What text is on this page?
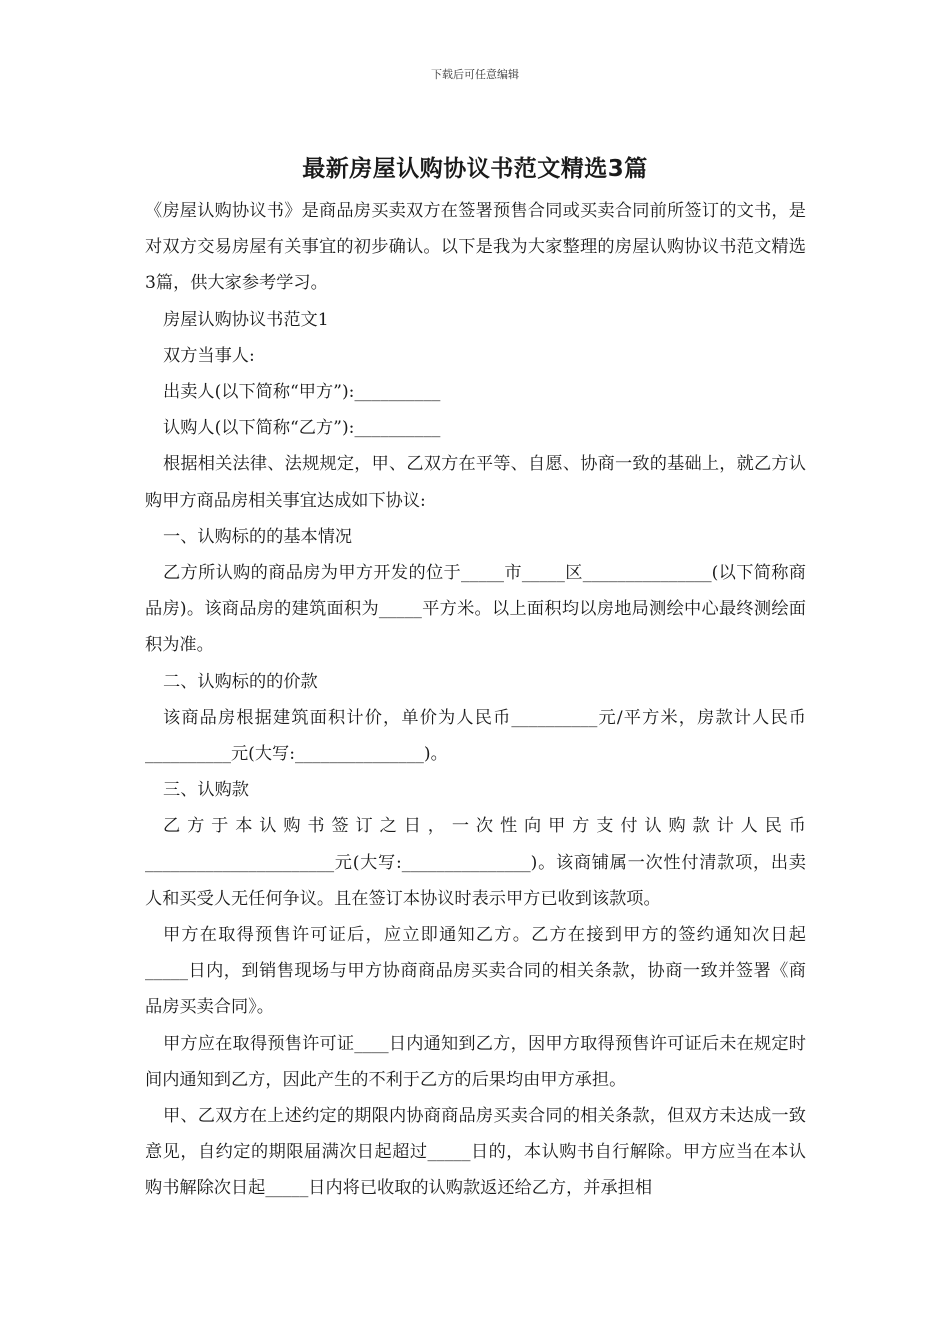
下载后可任意编辑
最新房屋认购协议书范文精选3篇

《房屋认购协议书》是商品房买卖双方在签署预售合同或买卖合同前所签订的文书，是对双方交易房屋有关事宜的初步确认。以下是我为大家整理的房屋认购协议书范文精选3篇，供大家参考学习。

房屋认购协议书范文1

双方当事人:

出卖人(以下简称“甲方”):__________

认购人(以下简称“乙方”):__________

根据相关法律、法规规定，甲、乙双方在平等、自愿、协商一致的基础上，就乙方认购甲方商品房相关事宜达成如下协议:

一、认购标的的基本情况

乙方所认购的商品房为甲方开发的位于_____市_____区_______________(以下简称商品房)。该商品房的建筑面积为_____平方米。以上面积均以房地局测绘中心最终测绘面积为准。

二、认购标的的价款

该商品房根据建筑面积计价，单价为人民币__________元/平方米，房款计人民币__________元(大写:_______________)。

三、认购款

乙方于本认购书签订之日，一次性向甲方支付认购款计人民币______________________元(大写:_______________)。该商铺属一次性付清款项，出卖人和买受人无任何争议。且在签订本协议时表示甲方已收到该款项。

甲方在取得预售许可证后，应立即通知乙方。乙方在接到甲方的签约通知次日起_____日内，到销售现场与甲方协商商品房买卖合同的相关条款，协商一致并签署《商品房买卖合同》。

甲方应在取得预售许可证____日内通知到乙方，因甲方取得预售许可证后未在规定时间内通知到乙方，因此产生的不利于乙方的后果均由甲方承担。

甲、乙双方在上述约定的期限内协商商品房买卖合同的相关条款，但双方未达成一致意见，自约定的期限届满次日起超过_____日的，本认购书自行解除。甲方应当在本认购书解除次日起_____日内将已收取的认购款返还给乙方，并承担相
